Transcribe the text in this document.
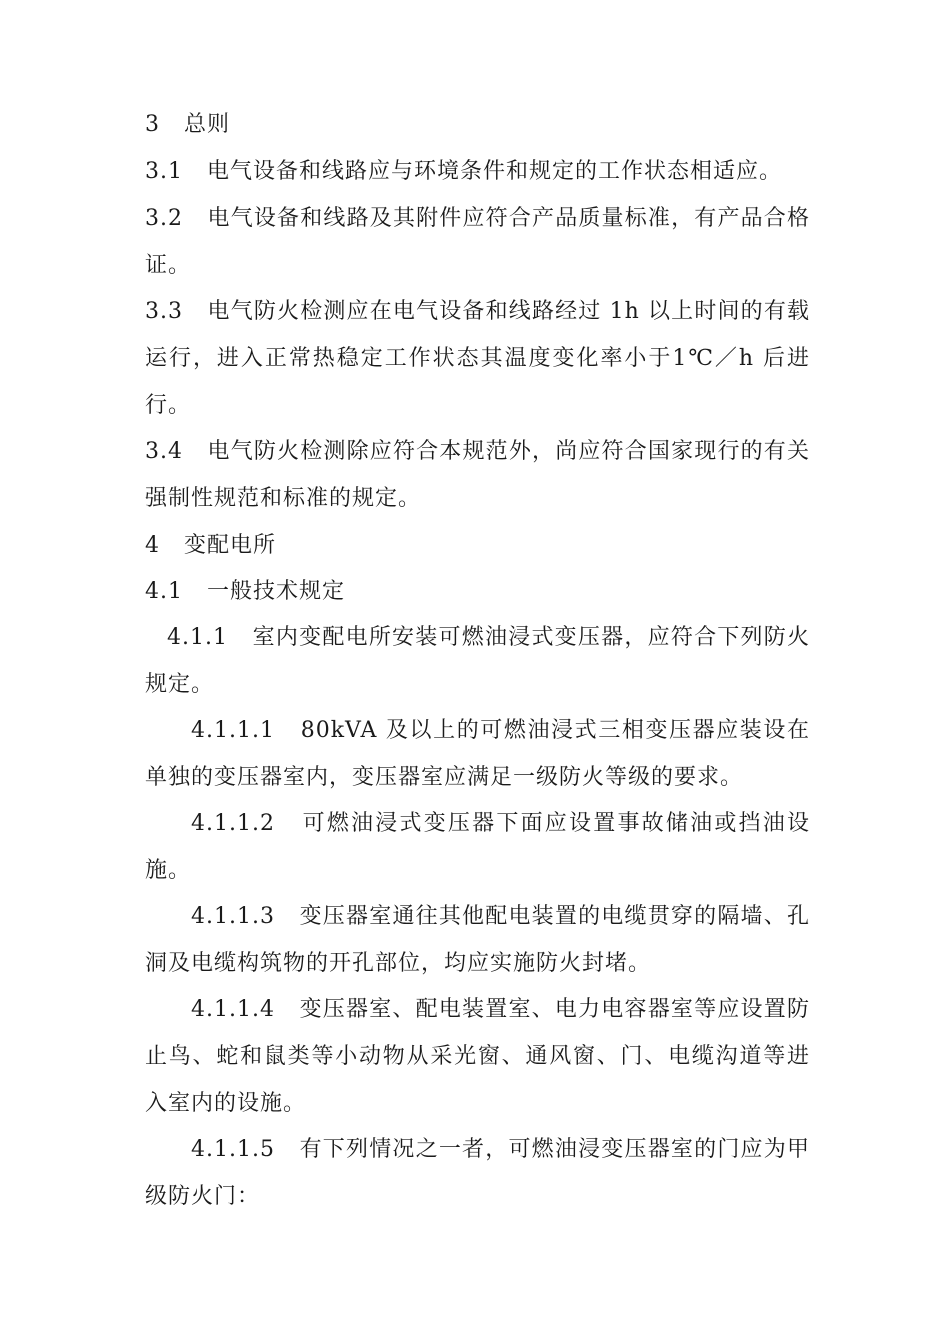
3 总则

3.1 电气设备和线路应与环境条件和规定的工作状态相适应。

3.2 电气设备和线路及其附件应符合产品质量标准，有产品合格证。

3.3 电气防火检测应在电气设备和线路经过 1h 以上时间的有载运行，进入正常热稳定工作状态其温度变化率小于1℃／h 后进行。

3.4 电气防火检测除应符合本规范外，尚应符合国家现行的有关强制性规范和标准的规定。

4 变配电所

4.1 一般技术规定

4.1.1 室内变配电所安装可燃油浸式变压器，应符合下列防火规定。

4.1.1.1 80kVA 及以上的可燃油浸式三相变压器应装设在单独的变压器室内，变压器室应满足一级防火等级的要求。

4.1.1.2 可燃油浸式变压器下面应设置事故储油或挡油设施。

4.1.1.3 变压器室通往其他配电装置的电缆贯穿的隔墙、孔洞及电缆构筑物的开孔部位，均应实施防火封堵。

4.1.1.4 变压器室、配电装置室、电力电容器室等应设置防止鸟、蛇和鼠类等小动物从采光窗、通风窗、门、电缆沟道等进入室内的设施。

4.1.1.5 有下列情况之一者，可燃油浸变压器室的门应为甲级防火门：
